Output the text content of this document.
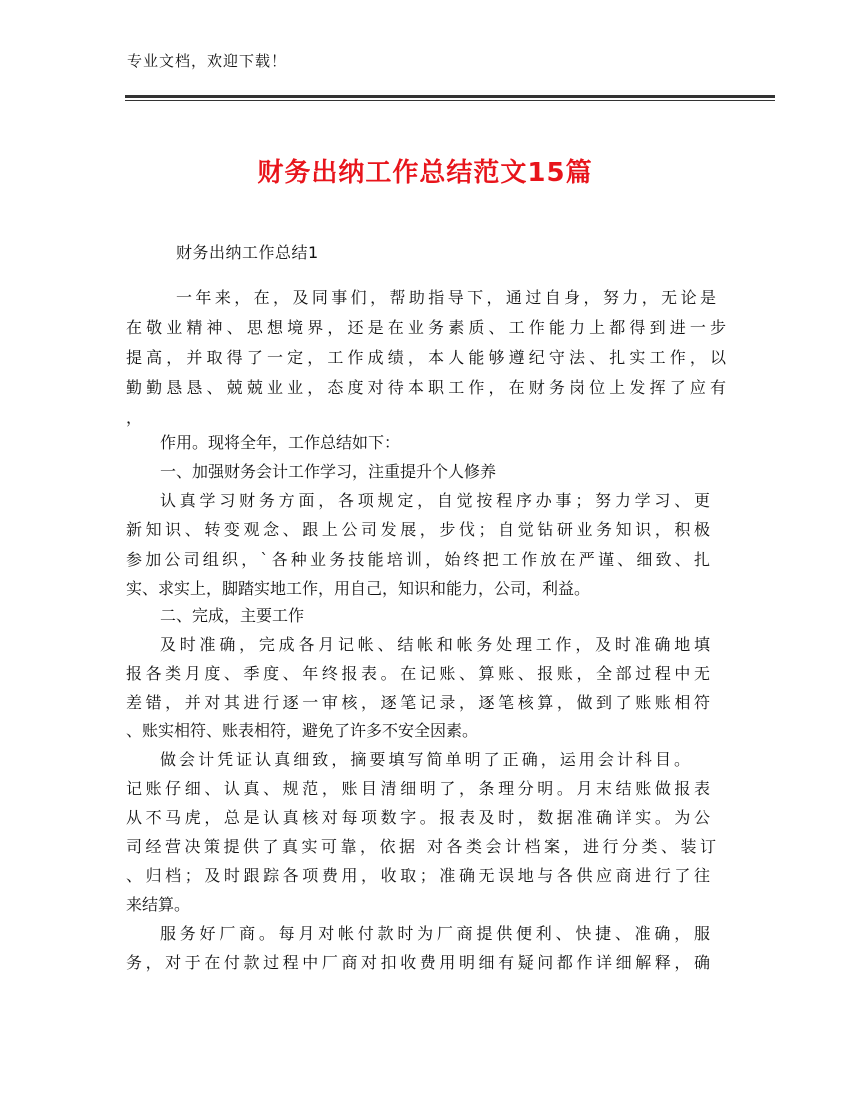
专业文档，欢迎下载！
财务出纳工作总结范文15篇
财务出纳工作总结1
一年来，在，及同事们，帮助指导下，通过自身，努力，无论是
在敬业精神、思想境界，还是在业务素质、工作能力上都得到进一步
提高，并取得了一定，工作成绩，本人能够遵纪守法、扎实工作，以
勤勤恳恳、兢兢业业，态度对待本职工作，在财务岗位上发挥了应有
，
作用。现将全年，工作总结如下：
一、加强财务会计工作学习，注重提升个人修养
认真学习财务方面，各项规定，自觉按程序办事；努力学习、更
新知识、转变观念、跟上公司发展，步伐；自觉钻研业务知识，积极
参加公司组织，`各种业务技能培训，始终把工作放在严谨、细致、扎
实、求实上，脚踏实地工作，用自己，知识和能力，公司，利益。
二、完成，主要工作
及时准确，完成各月记帐、结帐和帐务处理工作，及时准确地填
报各类月度、季度、年终报表。在记账、算账、报账，全部过程中无
差错，并对其进行逐一审核，逐笔记录，逐笔核算，做到了账账相符
、账实相符、账表相符，避免了许多不安全因素。
做会计凭证认真细致，摘要填写简单明了正确，运用会计科目。
记账仔细、认真、规范，账目清细明了，条理分明。月末结账做报表
从不马虎，总是认真核对每项数字。报表及时，数据准确详实。为公
司经营决策提供了真实可靠，依据 对各类会计档案，进行分类、装订
、归档；及时跟踪各项费用，收取；准确无误地与各供应商进行了往
来结算。
服务好厂商。每月对帐付款时为厂商提供便利、快捷、准确，服
务，对于在付款过程中厂商对扣收费用明细有疑问都作详细解释，确
